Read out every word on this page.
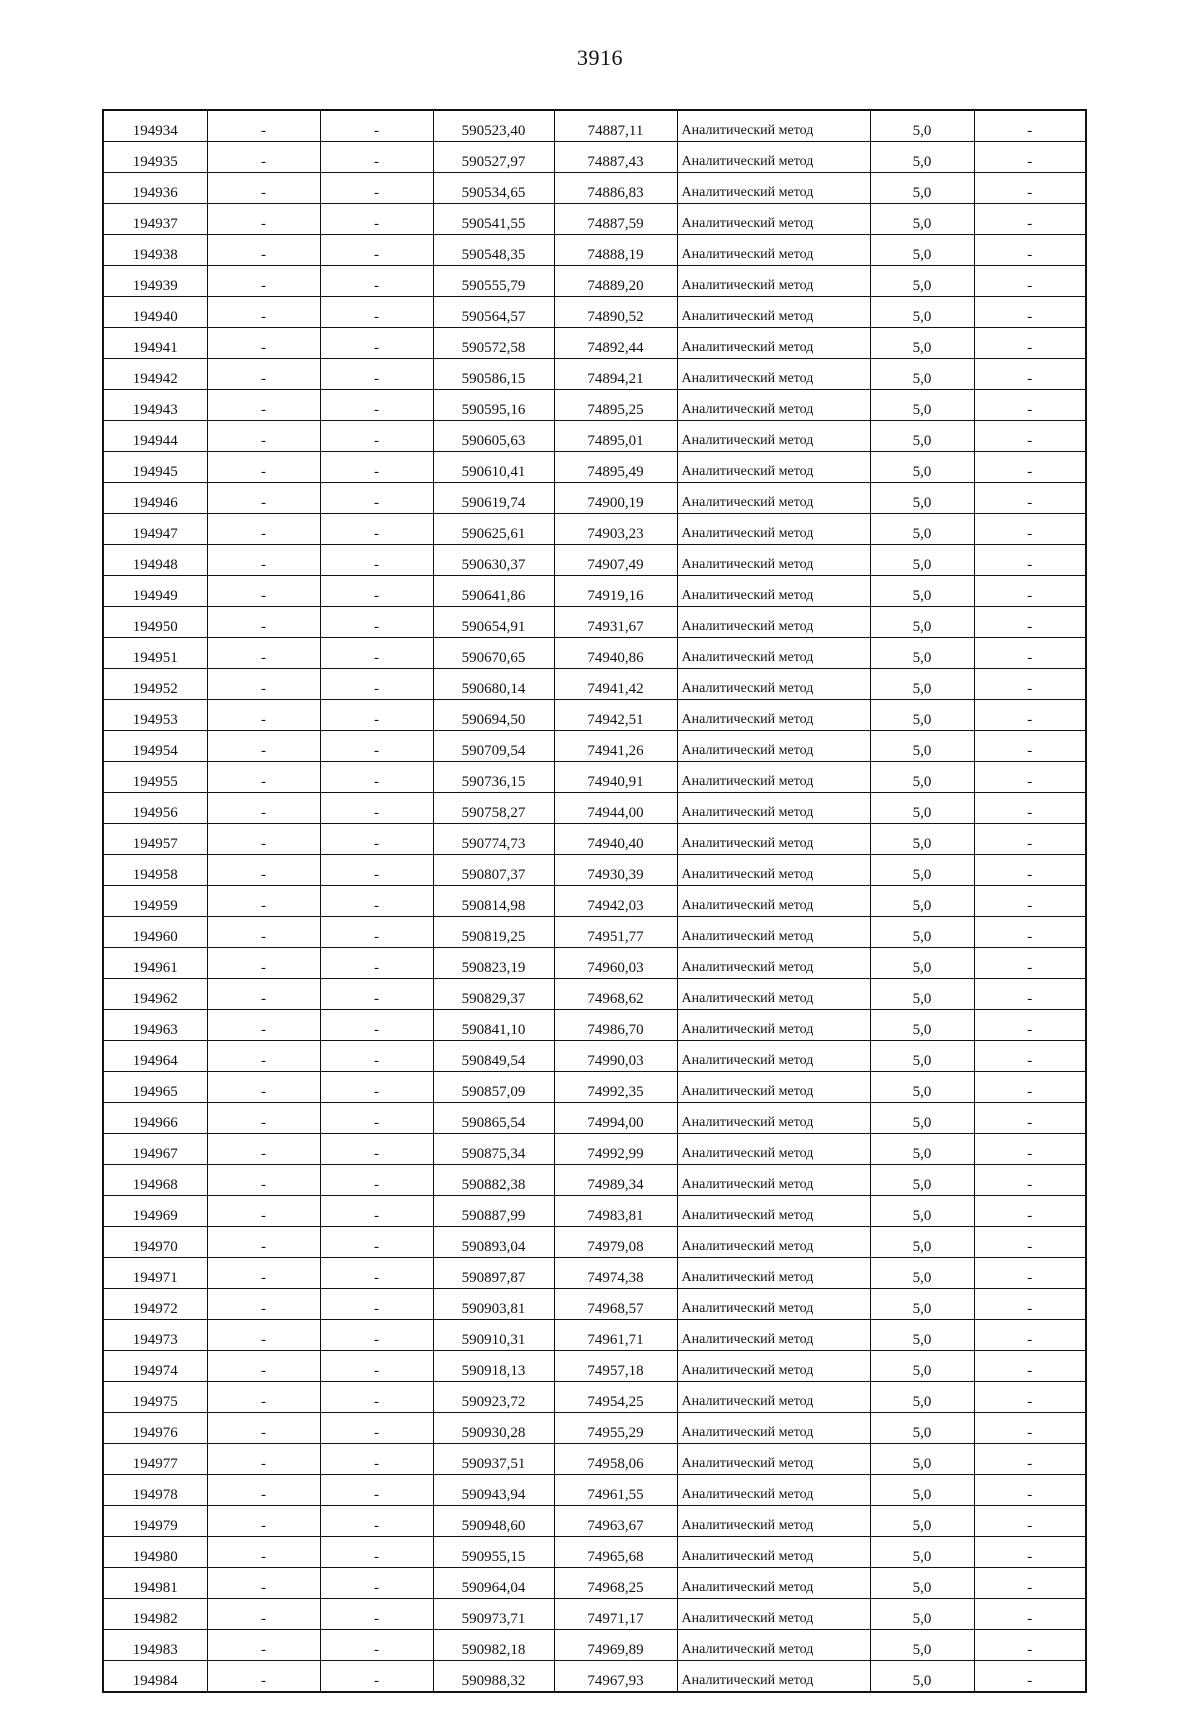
3916
194934	-	-	590523,40	74887,11	Аналитический метод	5,0	-
194935	-	-	590527,97	74887,43	Аналитический метод	5,0	-
194936	-	-	590534,65	74886,83	Аналитический метод	5,0	-
194937	-	-	590541,55	74887,59	Аналитический метод	5,0	-
194938	-	-	590548,35	74888,19	Аналитический метод	5,0	-
194939	-	-	590555,79	74889,20	Аналитический метод	5,0	-
194940	-	-	590564,57	74890,52	Аналитический метод	5,0	-
194941	-	-	590572,58	74892,44	Аналитический метод	5,0	-
194942	-	-	590586,15	74894,21	Аналитический метод	5,0	-
194943	-	-	590595,16	74895,25	Аналитический метод	5,0	-
194944	-	-	590605,63	74895,01	Аналитический метод	5,0	-
194945	-	-	590610,41	74895,49	Аналитический метод	5,0	-
194946	-	-	590619,74	74900,19	Аналитический метод	5,0	-
194947	-	-	590625,61	74903,23	Аналитический метод	5,0	-
194948	-	-	590630,37	74907,49	Аналитический метод	5,0	-
194949	-	-	590641,86	74919,16	Аналитический метод	5,0	-
194950	-	-	590654,91	74931,67	Аналитический метод	5,0	-
194951	-	-	590670,65	74940,86	Аналитический метод	5,0	-
194952	-	-	590680,14	74941,42	Аналитический метод	5,0	-
194953	-	-	590694,50	74942,51	Аналитический метод	5,0	-
194954	-	-	590709,54	74941,26	Аналитический метод	5,0	-
194955	-	-	590736,15	74940,91	Аналитический метод	5,0	-
194956	-	-	590758,27	74944,00	Аналитический метод	5,0	-
194957	-	-	590774,73	74940,40	Аналитический метод	5,0	-
194958	-	-	590807,37	74930,39	Аналитический метод	5,0	-
194959	-	-	590814,98	74942,03	Аналитический метод	5,0	-
194960	-	-	590819,25	74951,77	Аналитический метод	5,0	-
194961	-	-	590823,19	74960,03	Аналитический метод	5,0	-
194962	-	-	590829,37	74968,62	Аналитический метод	5,0	-
194963	-	-	590841,10	74986,70	Аналитический метод	5,0	-
194964	-	-	590849,54	74990,03	Аналитический метод	5,0	-
194965	-	-	590857,09	74992,35	Аналитический метод	5,0	-
194966	-	-	590865,54	74994,00	Аналитический метод	5,0	-
194967	-	-	590875,34	74992,99	Аналитический метод	5,0	-
194968	-	-	590882,38	74989,34	Аналитический метод	5,0	-
194969	-	-	590887,99	74983,81	Аналитический метод	5,0	-
194970	-	-	590893,04	74979,08	Аналитический метод	5,0	-
194971	-	-	590897,87	74974,38	Аналитический метод	5,0	-
194972	-	-	590903,81	74968,57	Аналитический метод	5,0	-
194973	-	-	590910,31	74961,71	Аналитический метод	5,0	-
194974	-	-	590918,13	74957,18	Аналитический метод	5,0	-
194975	-	-	590923,72	74954,25	Аналитический метод	5,0	-
194976	-	-	590930,28	74955,29	Аналитический метод	5,0	-
194977	-	-	590937,51	74958,06	Аналитический метод	5,0	-
194978	-	-	590943,94	74961,55	Аналитический метод	5,0	-
194979	-	-	590948,60	74963,67	Аналитический метод	5,0	-
194980	-	-	590955,15	74965,68	Аналитический метод	5,0	-
194981	-	-	590964,04	74968,25	Аналитический метод	5,0	-
194982	-	-	590973,71	74971,17	Аналитический метод	5,0	-
194983	-	-	590982,18	74969,89	Аналитический метод	5,0	-
194984	-	-	590988,32	74967,93	Аналитический метод	5,0	-
